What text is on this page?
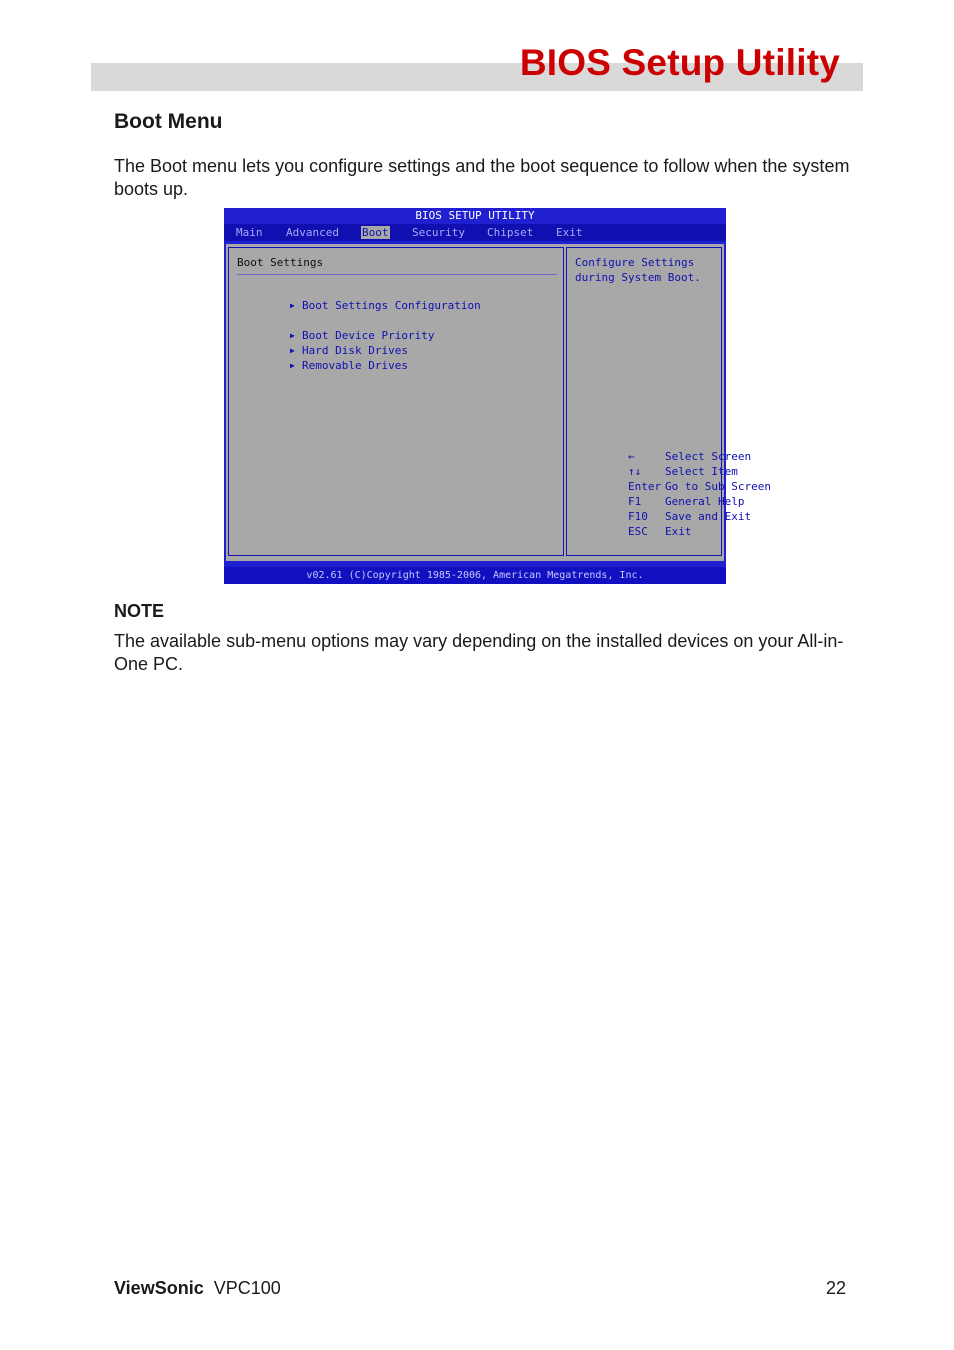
BIOS Setup Utility
Boot Menu
The Boot menu lets you configure settings and the boot sequence to follow when the system boots up.
BIOS SETUP UTILITY
Main Advanced Boot Security Chipset Exit
Boot Settings

▶ Boot Settings Configuration

▶ Boot Device Priority

▶ Hard Disk Drives

▶ Removable Drives

Configure Settings
during System Boot.

←	Select Screen

↑↓ Select Item

Enter Go to Sub Screen

F1 General Help

F10 Save and Exit

ESC Exit

v02.61 (C)Copyright 1985-2006, American Megatrends, Inc.
NOTE
The available sub-menu options may vary depending on the installed devices on your All-in-One PC.
ViewSonic VPC100	22
